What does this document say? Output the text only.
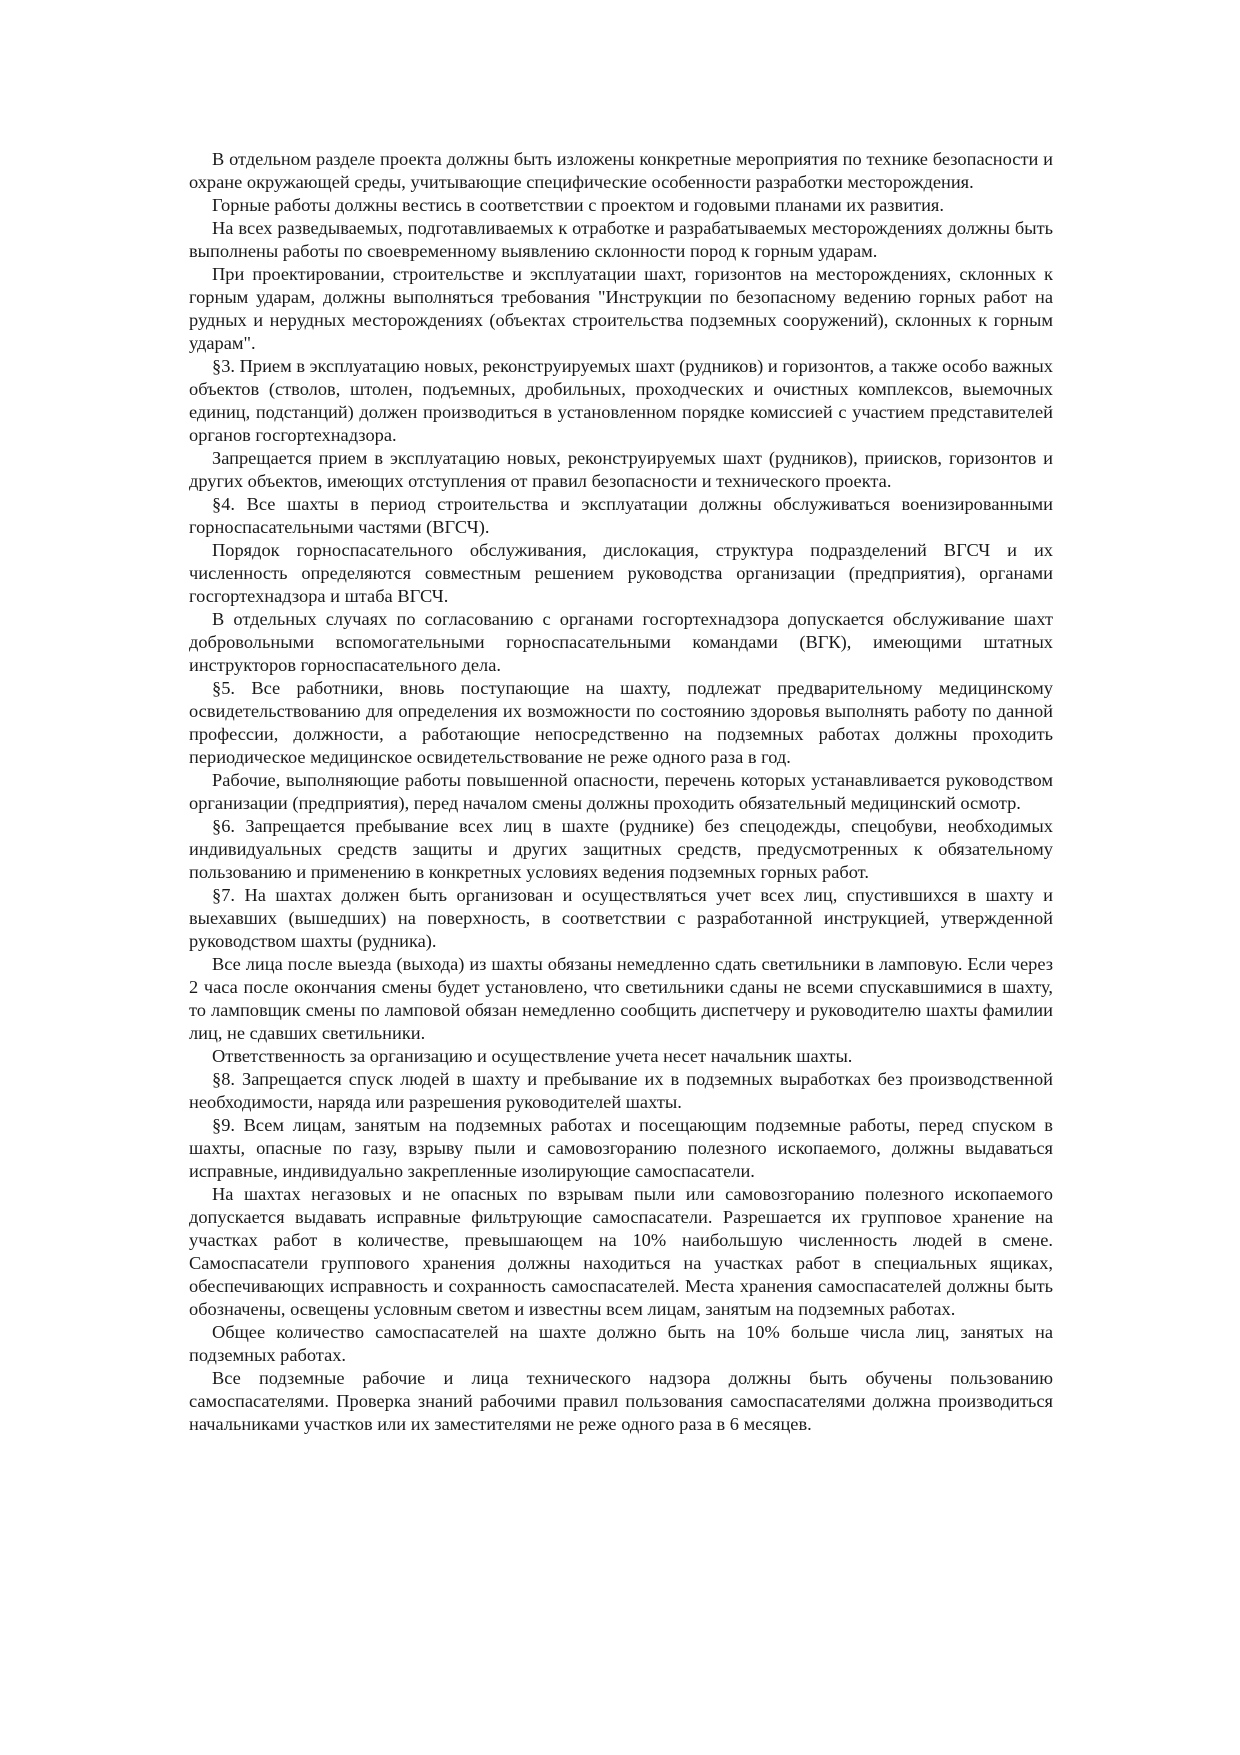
В отдельном разделе проекта должны быть изложены конкретные мероприятия по технике безопасности и охране окружающей среды, учитывающие специфические особенности разработки месторождения.

Горные работы должны вестись в соответствии с проектом и годовыми планами их развития.

На всех разведываемых, подготавливаемых к отработке и разрабатываемых месторождениях должны быть выполнены работы по своевременному выявлению склонности пород к горным ударам.

При проектировании, строительстве и эксплуатации шахт, горизонтов на месторождениях, склонных к горным ударам, должны выполняться требования "Инструкции по безопасному ведению горных работ на рудных и нерудных месторождениях (объектах строительства подземных сооружений), склонных к горным ударам".

§3. Прием в эксплуатацию новых, реконструируемых шахт (рудников) и горизонтов, а также особо важных объектов (стволов, штолен, подъемных, дробильных, проходческих и очистных комплексов, выемочных единиц, подстанций) должен производиться в установленном порядке комиссией с участием представителей органов госгортехнадзора.

Запрещается прием в эксплуатацию новых, реконструируемых шахт (рудников), приисков, горизонтов и других объектов, имеющих отступления от правил безопасности и технического проекта.

§4. Все шахты в период строительства и эксплуатации должны обслуживаться военизированными горноспасательными частями (ВГСЧ).

Порядок горноспасательного обслуживания, дислокация, структура подразделений ВГСЧ и их численность определяются совместным решением руководства организации (предприятия), органами госгортехнадзора и штаба ВГСЧ.

В отдельных случаях по согласованию с органами госгортехнадзора допускается обслуживание шахт добровольными вспомогательными горноспасательными командами (ВГК), имеющими штатных инструкторов горноспасательного дела.

§5. Все работники, вновь поступающие на шахту, подлежат предварительному медицинскому освидетельствованию для определения их возможности по состоянию здоровья выполнять работу по данной профессии, должности, а работающие непосредственно на подземных работах должны проходить периодическое медицинское освидетельствование не реже одного раза в год.

Рабочие, выполняющие работы повышенной опасности, перечень которых устанавливается руководством организации (предприятия), перед началом смены должны проходить обязательный медицинский осмотр.

§6. Запрещается пребывание всех лиц в шахте (руднике) без спецодежды, спецобуви, необходимых индивидуальных средств защиты и других защитных средств, предусмотренных к обязательному пользованию и применению в конкретных условиях ведения подземных горных работ.

§7. На шахтах должен быть организован и осуществляться учет всех лиц, спустившихся в шахту и выехавших (вышедших) на поверхность, в соответствии с разработанной инструкцией, утвержденной руководством шахты (рудника).

Все лица после выезда (выхода) из шахты обязаны немедленно сдать светильники в ламповую. Если через 2 часа после окончания смены будет установлено, что светильники сданы не всеми спускавшимися в шахту, то ламповщик смены по ламповой обязан немедленно сообщить диспетчеру и руководителю шахты фамилии лиц, не сдавших светильники.

Ответственность за организацию и осуществление учета несет начальник шахты.

§8. Запрещается спуск людей в шахту и пребывание их в подземных выработках без производственной необходимости, наряда или разрешения руководителей шахты.

§9. Всем лицам, занятым на подземных работах и посещающим подземные работы, перед спуском в шахты, опасные по газу, взрыву пыли и самовозгоранию полезного ископаемого, должны выдаваться исправные, индивидуально закрепленные изолирующие самоспасатели.

На шахтах негазовых и не опасных по взрывам пыли или самовозгоранию полезного ископаемого допускается выдавать исправные фильтрующие самоспасатели. Разрешается их групповое хранение на участках работ в количестве, превышающем на 10% наибольшую численность людей в смене. Самоспасатели группового хранения должны находиться на участках работ в специальных ящиках, обеспечивающих исправность и сохранность самоспасателей. Места хранения самоспасателей должны быть обозначены, освещены условным светом и известны всем лицам, занятым на подземных работах.

Общее количество самоспасателей на шахте должно быть на 10% больше числа лиц, занятых на подземных работах.

Все подземные рабочие и лица технического надзора должны быть обучены пользованию самоспасателями. Проверка знаний рабочими правил пользования самоспасателями должна производиться начальниками участков или их заместителями не реже одного раза в 6 месяцев.
